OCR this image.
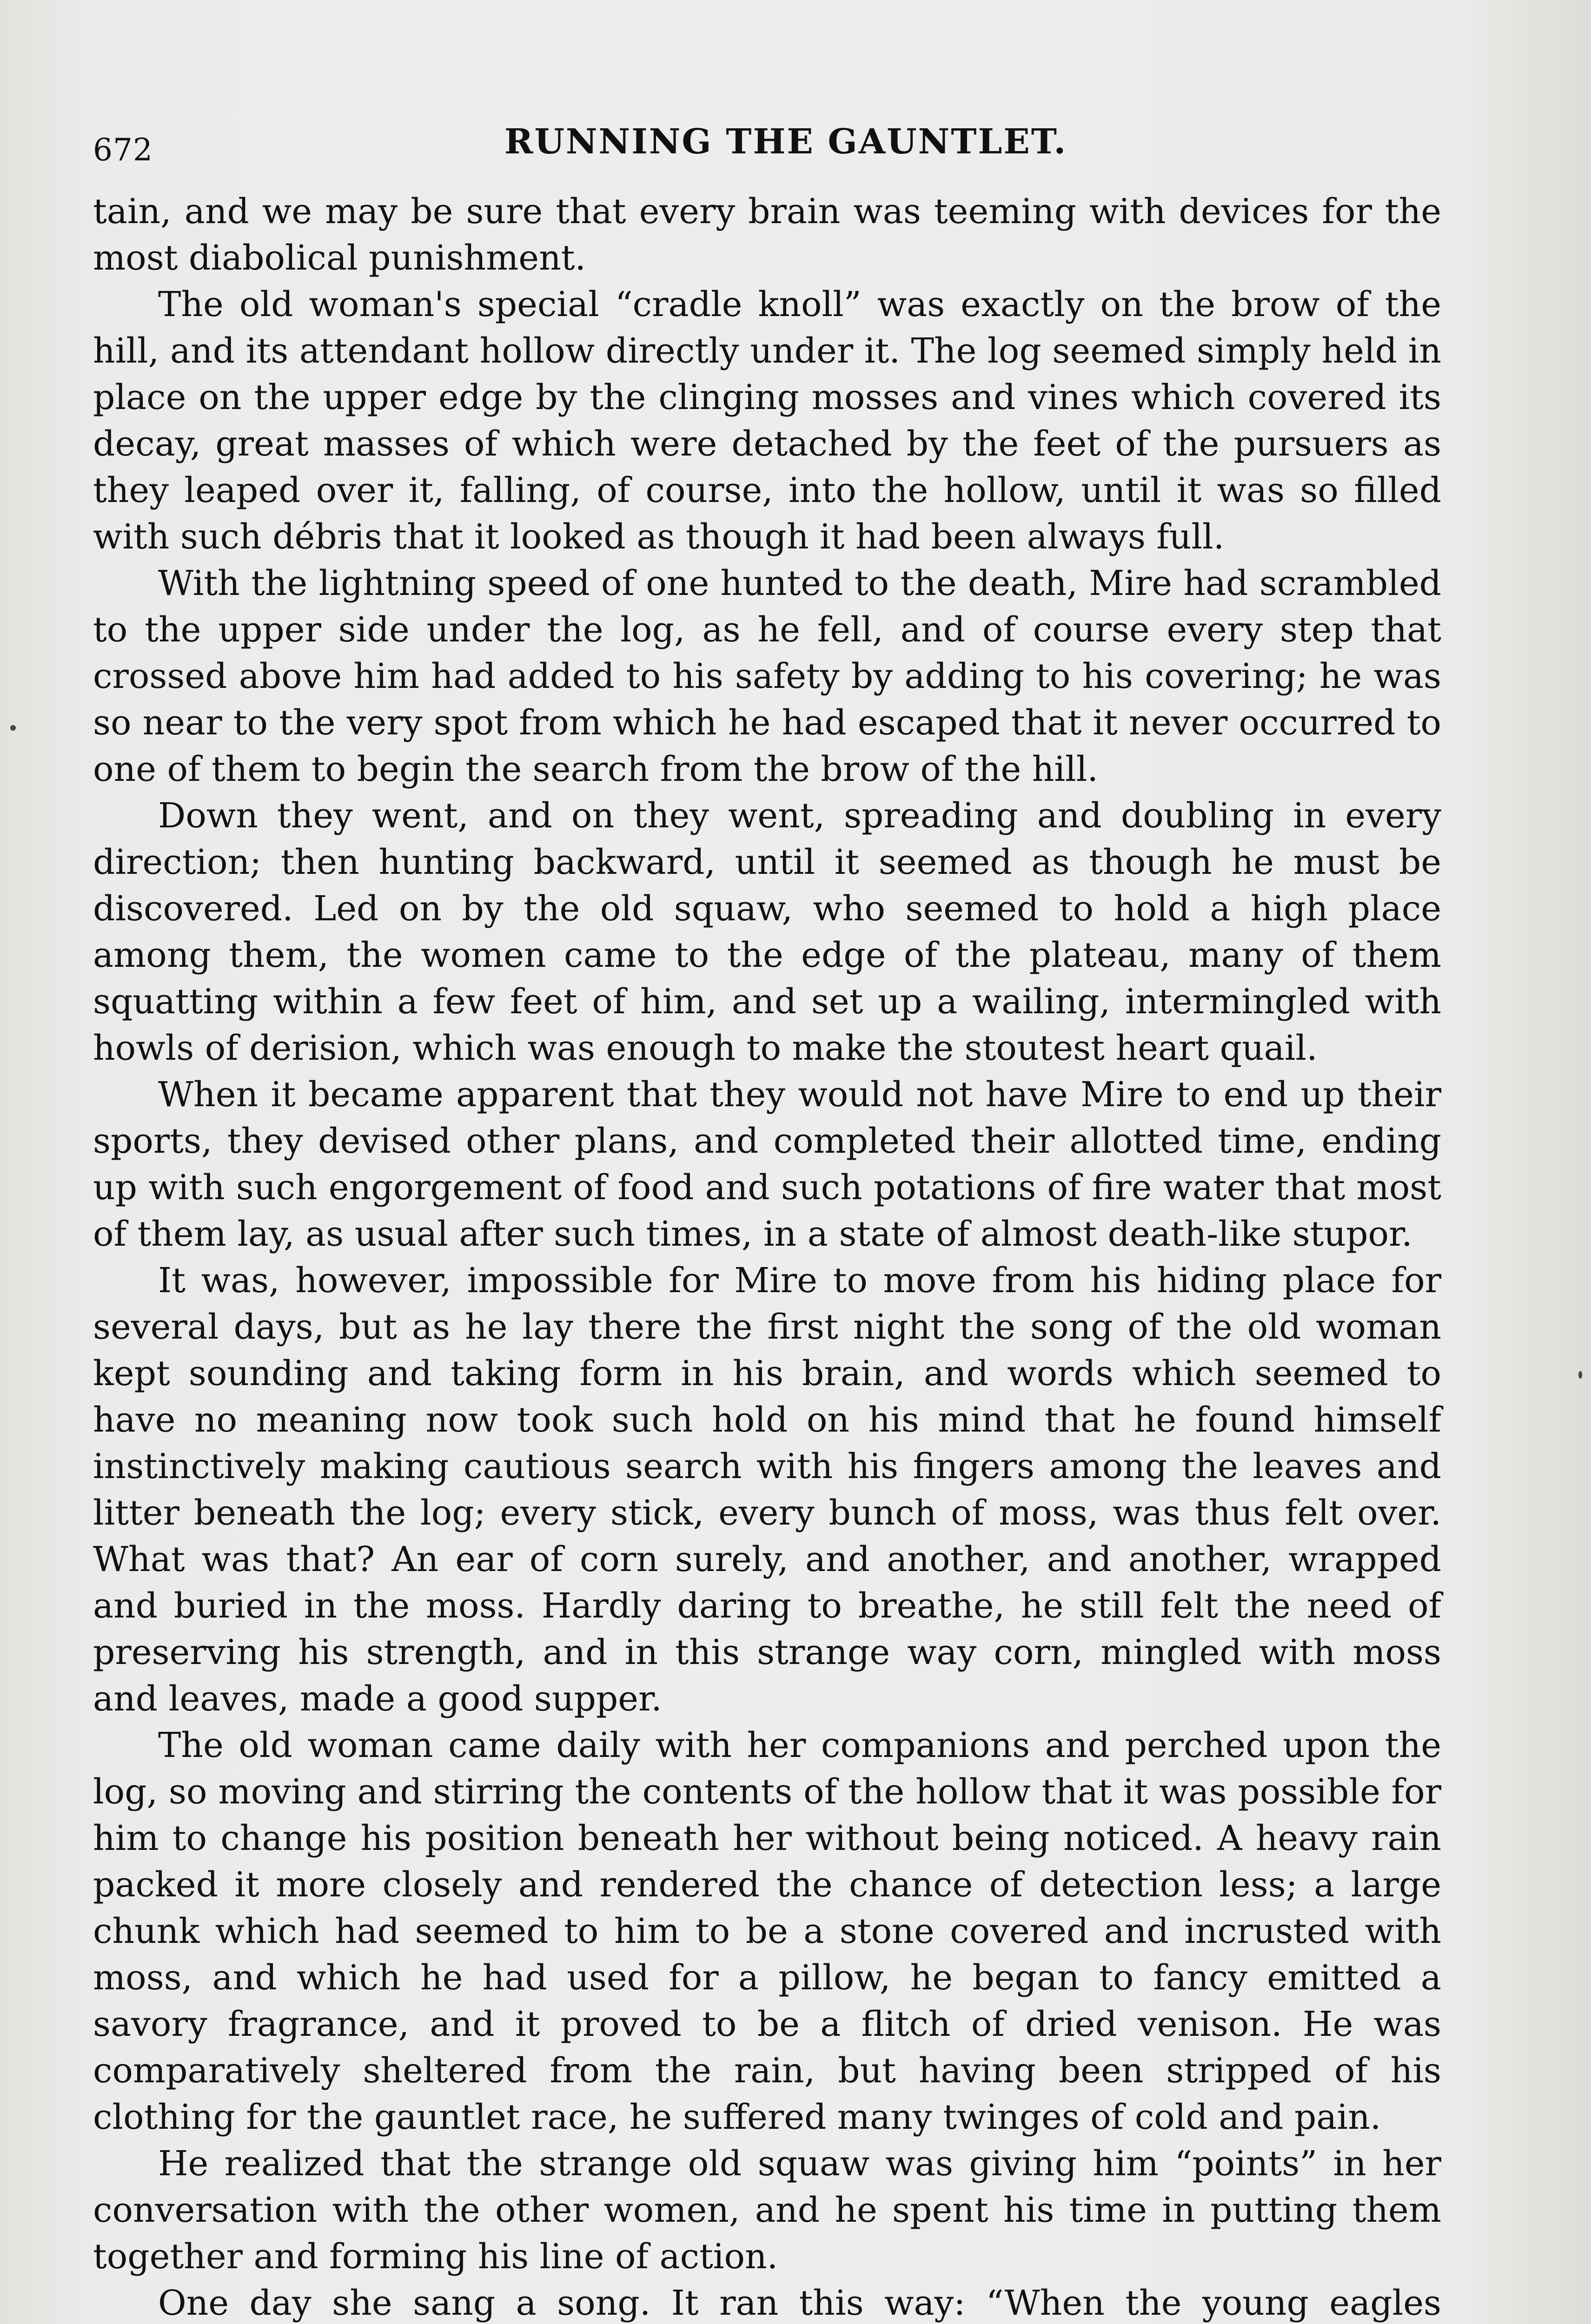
672	RUNNING THE GAUNTLET.

tain, and we may be sure that every brain was teeming with devices for the most diabolical punishment.

The old woman's special “cradle knoll” was exactly on the brow of the hill, and its attendant hollow directly under it. The log seemed simply held in place on the upper edge by the clinging mosses and vines which covered its decay, great masses of which were detached by the feet of the pursuers as they leaped over it, falling, of course, into the hollow, until it was so filled with such débris that it looked as though it had been always full.

With the lightning speed of one hunted to the death, Mire had scrambled to the upper side under the log, as he fell, and of course every step that crossed above him had added to his safety by adding to his covering; he was so near to the very spot from which he had escaped that it never occurred to one of them to begin the search from the brow of the hill.

Down they went, and on they went, spreading and doubling in every direction; then hunting backward, until it seemed as though he must be discovered. Led on by the old squaw, who seemed to hold a high place among them, the women came to the edge of the plateau, many of them squatting within a few feet of him, and set up a wailing, intermingled with howls of derision, which was enough to make the stoutest heart quail.

When it became apparent that they would not have Mire to end up their sports, they devised other plans, and completed their allotted time, ending up with such engorgement of food and such potations of fire water that most of them lay, as usual after such times, in a state of almost death-like stupor.

It was, however, impossible for Mire to move from his hiding place for several days, but as he lay there the first night the song of the old woman kept sounding and taking form in his brain, and words which seemed to have no meaning now took such hold on his mind that he found himself instinctively making cautious search with his fingers among the leaves and litter beneath the log; every stick, every bunch of moss, was thus felt over. What was that? An ear of corn surely, and another, and another, wrapped and buried in the moss. Hardly daring to breathe, he still felt the need of preserving his strength, and in this strange way corn, mingled with moss and leaves, made a good supper.

The old woman came daily with her companions and perched upon the log, so moving and stirring the contents of the hollow that it was possible for him to change his position beneath her without being noticed. A heavy rain packed it more closely and rendered the chance of detection less; a large chunk which had seemed to him to be a stone covered and incrusted with moss, and which he had used for a pillow, he began to fancy emitted a savory fragrance, and it proved to be a flitch of dried venison. He was comparatively sheltered from the rain, but having been stripped of his clothing for the gauntlet race, he suffered many twinges of cold and pain.

He realized that the strange old squaw was giving him “points” in her conversation with the other women, and he spent his time in putting them together and forming his line of action.

One day she sang a song. It ran this way: “When the young eagles
